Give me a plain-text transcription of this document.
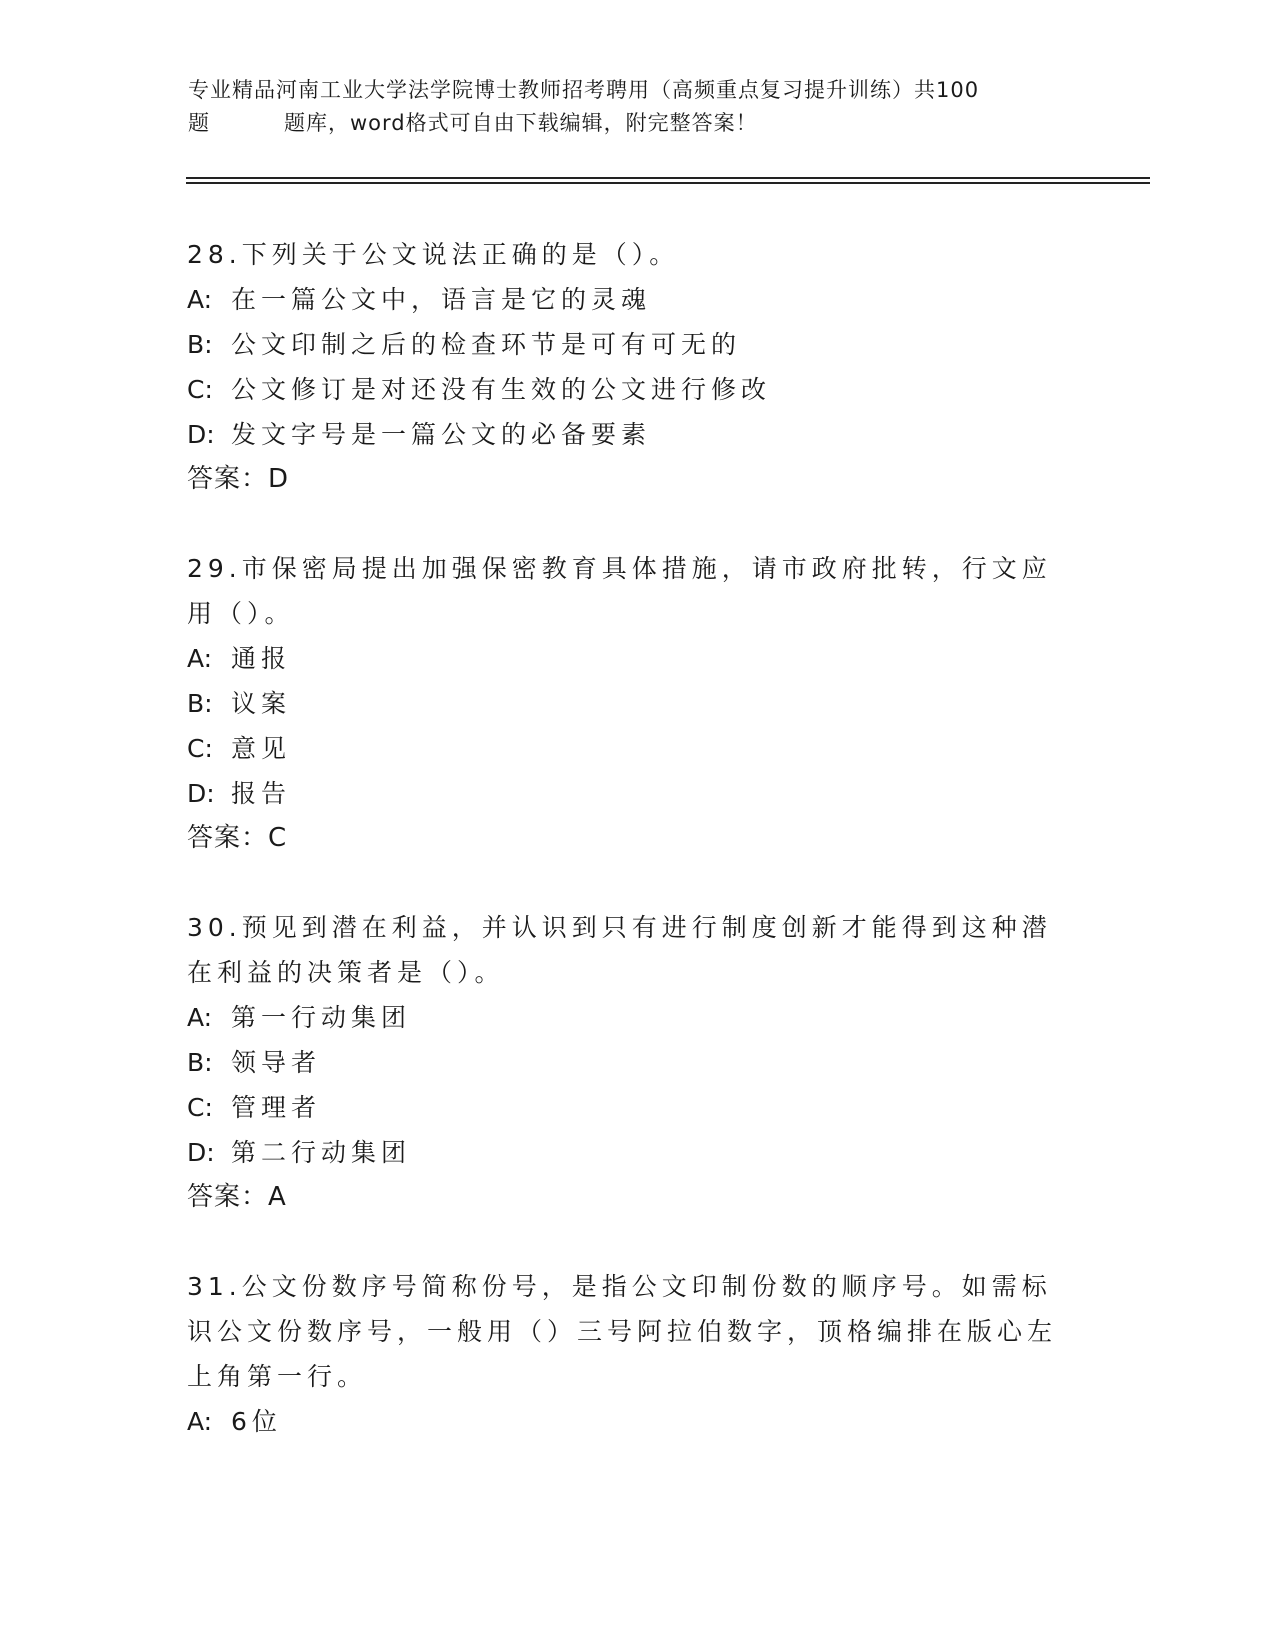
专业精品河南工业大学法学院博士教师招考聘用（高频重点复习提升训练）共100
题	题库，word格式可自由下载编辑，附完整答案！

28.下列关于公文说法正确的是（）。

A: 在一篇公文中，语言是它的灵魂
B: 公文印制之后的检查环节是可有可无的
C: 公文修订是对还没有生效的公文进行修改
D: 发文字号是一篇公文的必备要素
答案：D

29.市保密局提出加强保密教育具体措施，请市政府批转，行文应用（）。

A: 通报
B: 议案
C: 意见
D: 报告
答案：C

30.预见到潜在利益，并认识到只有进行制度创新才能得到这种潜在利益的决策者是（）。

A: 第一行动集团
B: 领导者
C: 管理者
D: 第二行动集团
答案：A

31.公文份数序号简称份号，是指公文印制份数的顺序号。如需标识公文份数序号，一般用（）三号阿拉伯数字，顶格编排在版心左上角第一行。

A: 6位
